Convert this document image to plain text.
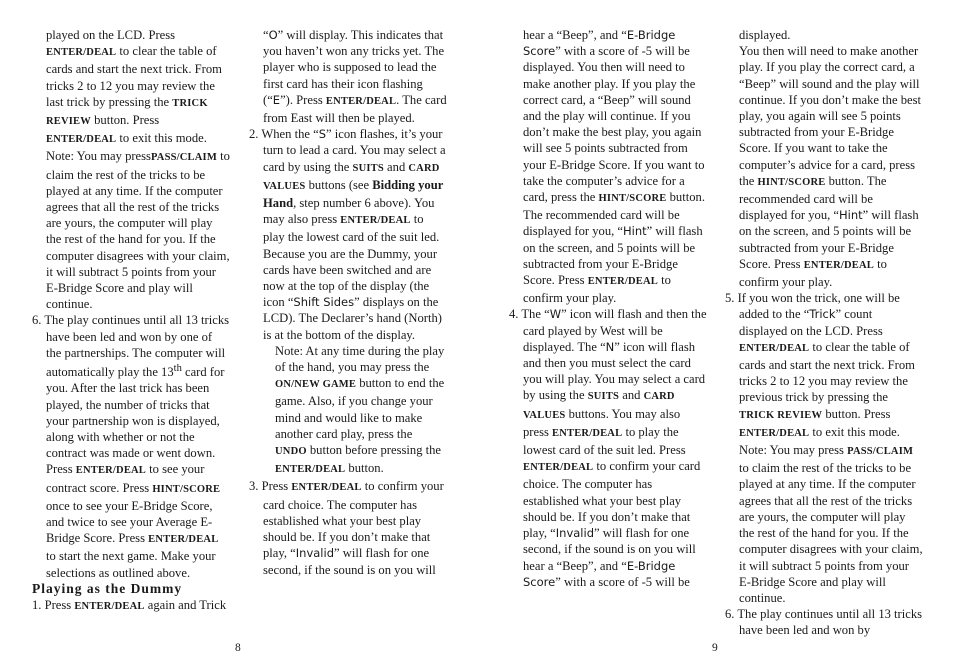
played on the LCD. Press ENTER/DEAL to clear the table of cards and start the next trick. From tricks 2 to 12 you may review the last trick by pressing the TRICK REVIEW button. Press ENTER/DEAL to exit this mode. Note: You may pressPASS/CLAIM to claim the rest of the tricks to be played at any time. If the computer agrees that all the rest of the tricks are yours, the computer will play the rest of the hand for you. If the computer disagrees with your claim, it will subtract 5 points from your E-Bridge Score and play will continue.

6. The play continues until all 13 tricks have been led and won by one of the partnerships. The computer will automatically play the 13th card for you. After the last trick has been played, the number of tricks that your partnership won is displayed, along with whether or not the contract was made or went down. Press ENTER/DEAL to see your contract score. Press HINT/SCORE once to see your E-Bridge Score, and twice to see your Average E-Bridge Score. Press ENTER/DEAL to start the next game. Make your selections as outlined above.

Playing as the Dummy

1. Press ENTER/DEAL again and Trick

“O” will display. This indicates that you haven’t won any tricks yet. The player who is supposed to lead the first card has their icon flashing (“E”). Press ENTER/DEAL. The card from East will then be played.

2. When the “S” icon flashes, it’s your turn to lead a card. You may select a card by using the SUITS and CARD VALUES buttons (see Bidding your Hand, step number 6 above). You may also press ENTER/DEAL to play the lowest card of the suit led. Because you are the Dummy, your cards have been switched and are now at the top of the display (the icon “Shift Sides” displays on the LCD). The Declarer’s hand (North) is at the bottom of the display.

Note: At any time during the play of the hand, you may press the ON/NEW GAME button to end the game. Also, if you change your mind and would like to make another card play, press the UNDO button before pressing the ENTER/DEAL button.

3. Press ENTER/DEAL to confirm your card choice. The computer has established what your best play should be. If you don’t make that play, “Invalid” will flash for one second, if the sound is on you will

hear a “Beep”, and “E-Bridge Score” with a score of -5 will be displayed. You then will need to make another play. If you play the correct card, a “Beep” will sound and the play will continue. If you don’t make the best play, you again will see 5 points subtracted from your E-Bridge Score. If you want to take the computer’s advice for a card, press the HINT/SCORE button. The recommended card will be displayed for you, “Hint” will flash on the screen, and 5 points will be subtracted from your E-Bridge Score. Press ENTER/DEAL to confirm your play.

4. The “W” icon will flash and then the card played by West will be displayed. The “N” icon will flash and then you must select the card you will play. You may select a card by using the SUITS and CARD VALUES buttons. You may also press ENTER/DEAL to play the lowest card of the suit led. Press ENTER/DEAL to confirm your card choice. The computer has established what your best play should be. If you don’t make that play, “Invalid” will flash for one second, if the sound is on you will hear a “Beep”, and “E-Bridge Score” with a score of -5 will be

displayed.

You then will need to make another play. If you play the correct card, a “Beep” will sound and the play will continue. If you don’t make the best play, you again will see 5 points subtracted from your E-Bridge Score. If you want to take the computer’s advice for a card, press the HINT/SCORE button. The recommended card will be displayed for you, “Hint” will flash on the screen, and 5 points will be subtracted from your E-Bridge Score. Press ENTER/DEAL to confirm your play.

5. If you won the trick, one will be added to the “Trick” count displayed on the LCD. Press ENTER/DEAL to clear the table of cards and start the next trick. From tricks 2 to 12 you may review the previous trick by pressing the TRICK REVIEW button. Press ENTER/DEAL to exit this mode. Note: You may press PASS/CLAIM to claim the rest of the tricks to be played at any time. If the computer agrees that all the rest of the tricks are yours, the computer will play the rest of the hand for you. If the computer disagrees with your claim, it will subtract 5 points from your E-Bridge Score and play will continue.

6. The play continues until all 13 tricks have been led and won by

8	9
